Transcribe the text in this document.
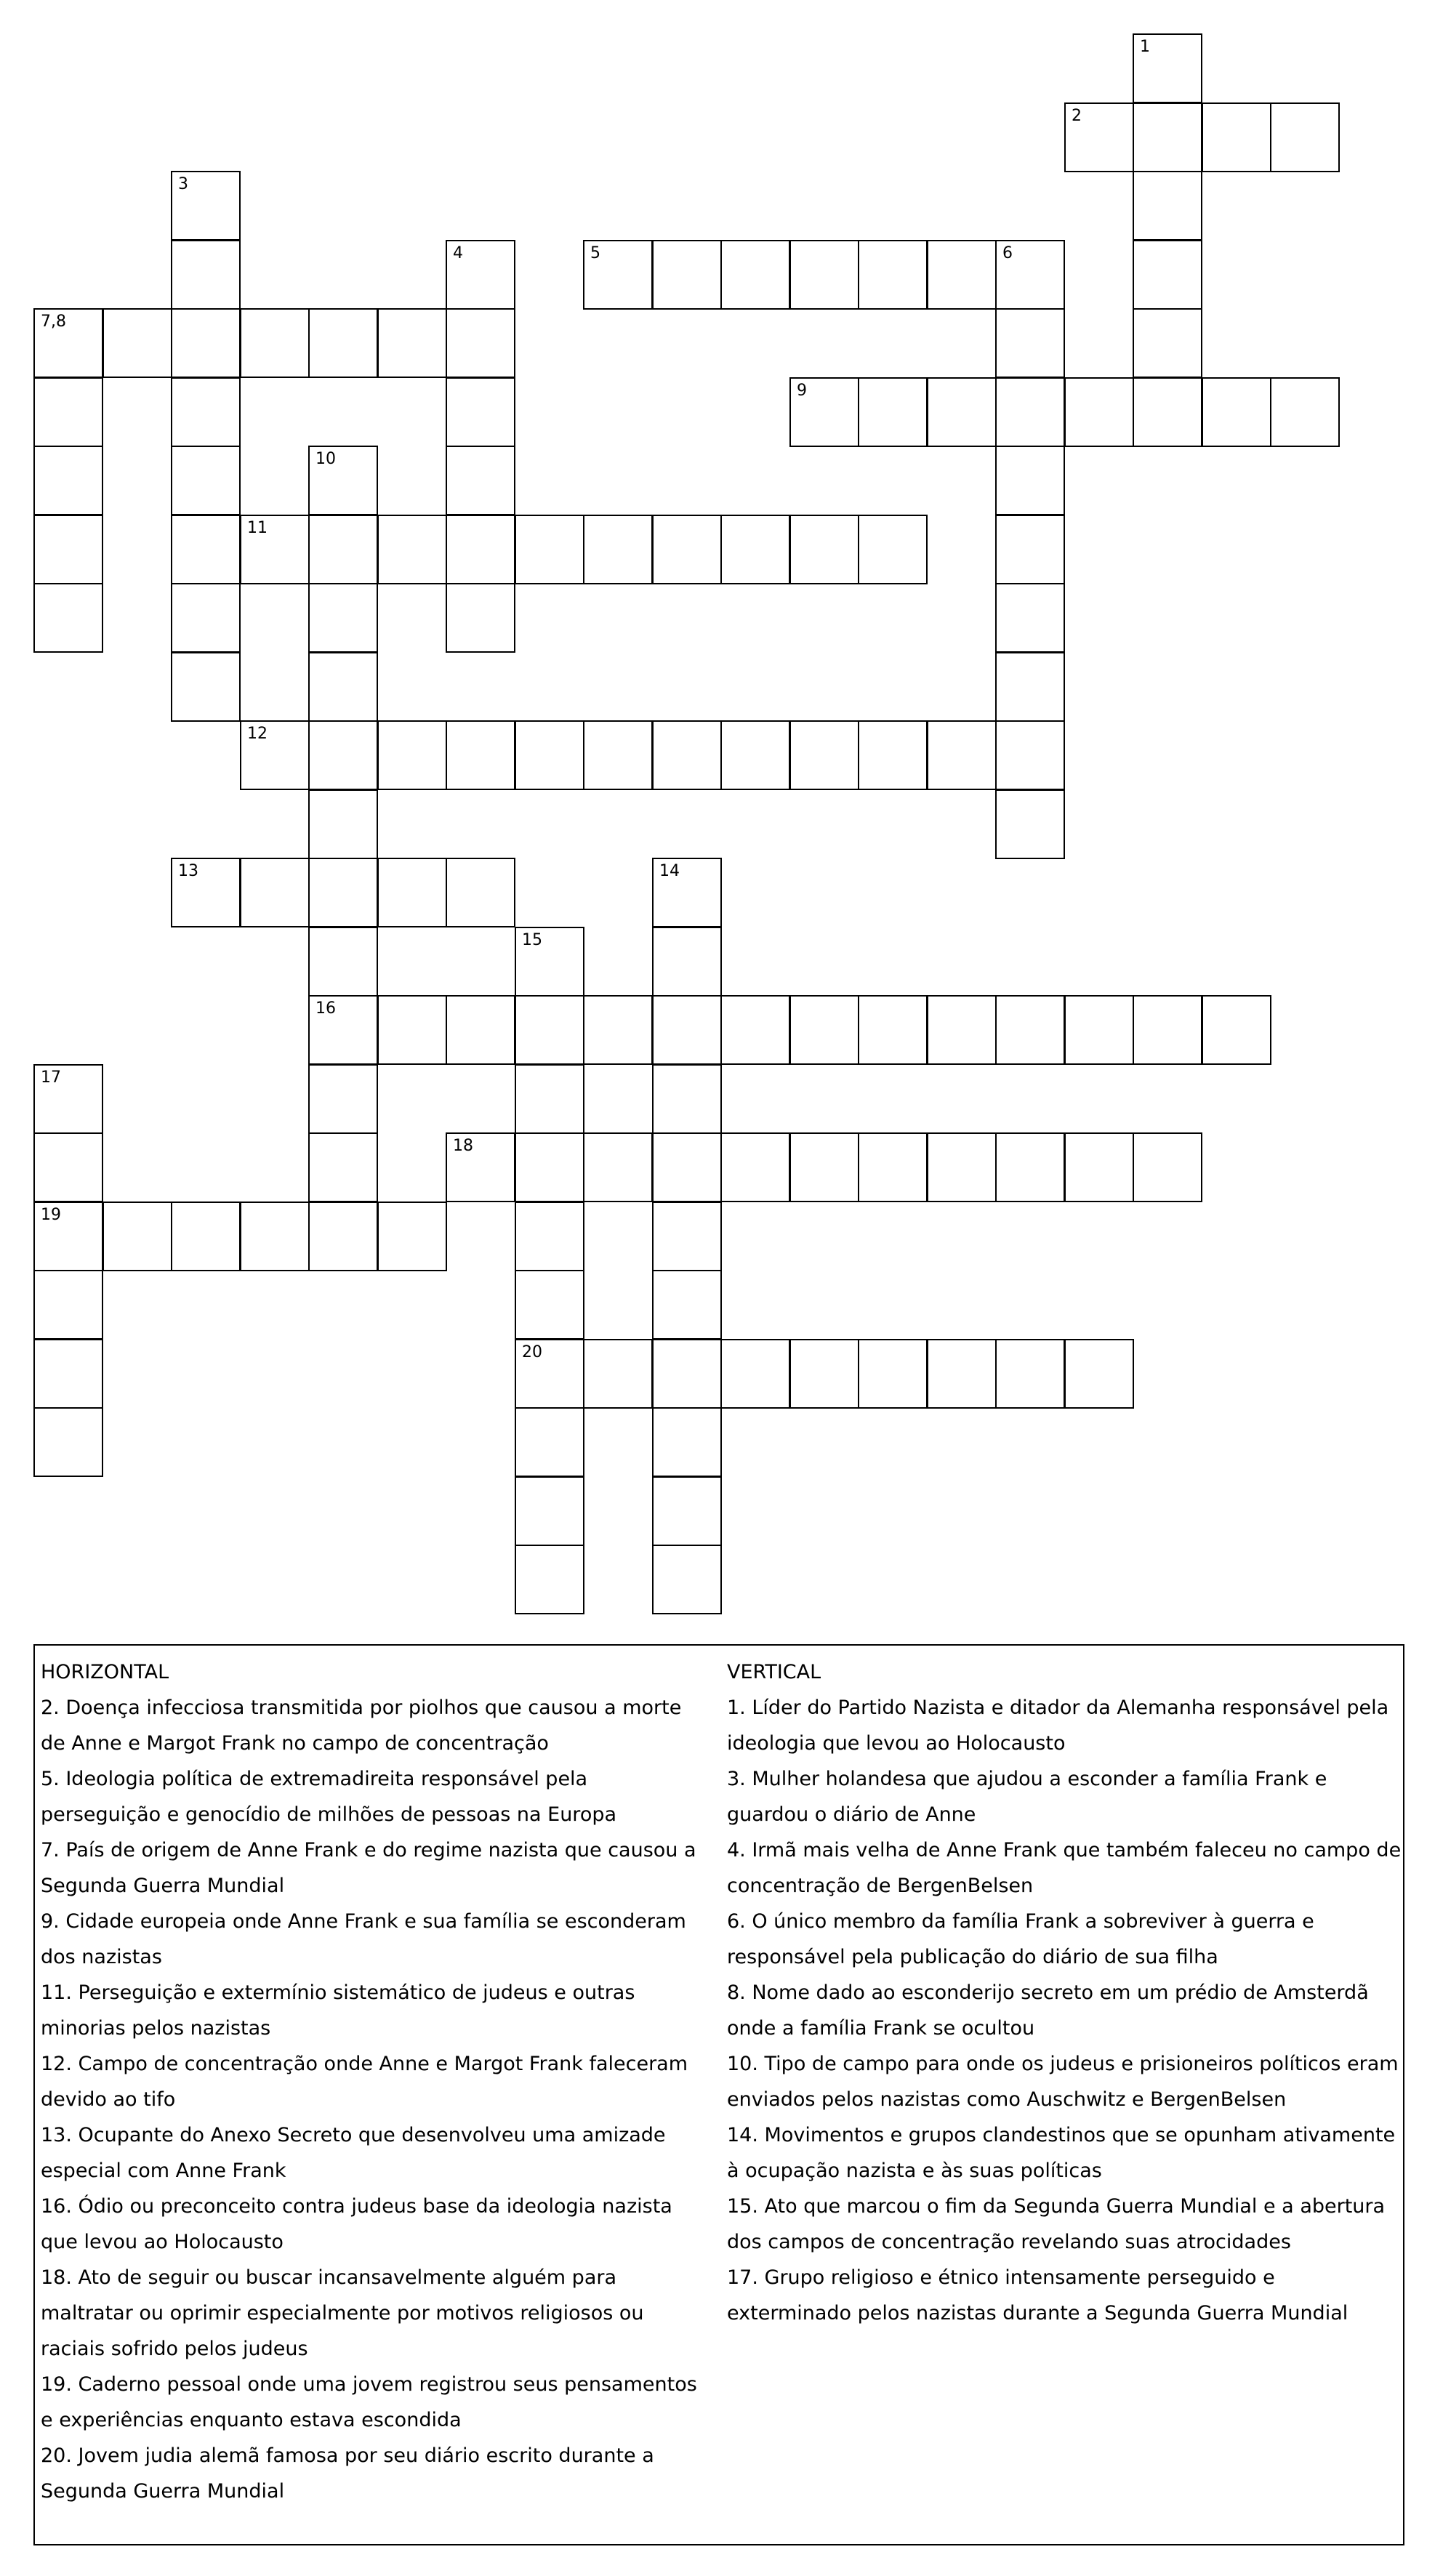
1
2
3
4	5	6
7,8
9
10
11
12
13	14
15
16
17
18
19
20
HORIZONTAL
2. Doença infecciosa transmitida por piolhos que causou a morte de Anne e Margot Frank no campo de concentração
5. Ideologia política de extremadireita responsável pela perseguição e genocídio de milhões de pessoas na Europa
7. País de origem de Anne Frank e do regime nazista que causou a Segunda Guerra Mundial
9. Cidade europeia onde Anne Frank e sua família se esconderam dos nazistas
11. Perseguição e extermínio sistemático de judeus e outras minorias pelos nazistas
12. Campo de concentração onde Anne e Margot Frank faleceram devido ao tifo
13. Ocupante do Anexo Secreto que desenvolveu uma amizade especial com Anne Frank
16. Ódio ou preconceito contra judeus base da ideologia nazista que levou ao Holocausto
18. Ato de seguir ou buscar incansavelmente alguém para maltratar ou oprimir especialmente por motivos religiosos ou raciais sofrido pelos judeus
19. Caderno pessoal onde uma jovem registrou seus pensamentos e experiências enquanto estava escondida
20. Jovem judia alemã famosa por seu diário escrito durante a Segunda Guerra Mundial
VERTICAL
1. Líder do Partido Nazista e ditador da Alemanha responsável pela ideologia que levou ao Holocausto
3. Mulher holandesa que ajudou a esconder a família Frank e guardou o diário de Anne
4. Irmã mais velha de Anne Frank que também faleceu no campo de concentração de BergenBelsen
6. O único membro da família Frank a sobreviver à guerra e responsável pela publicação do diário de sua filha
8. Nome dado ao esconderijo secreto em um prédio de Amsterdã onde a família Frank se ocultou
10. Tipo de campo para onde os judeus e prisioneiros políticos eram enviados pelos nazistas como Auschwitz e BergenBelsen
14. Movimentos e grupos clandestinos que se opunham ativamente à ocupação nazista e às suas políticas
15. Ato que marcou o fim da Segunda Guerra Mundial e a abertura dos campos de concentração revelando suas atrocidades
17. Grupo religioso e étnico intensamente perseguido e exterminado pelos nazistas durante a Segunda Guerra Mundial
